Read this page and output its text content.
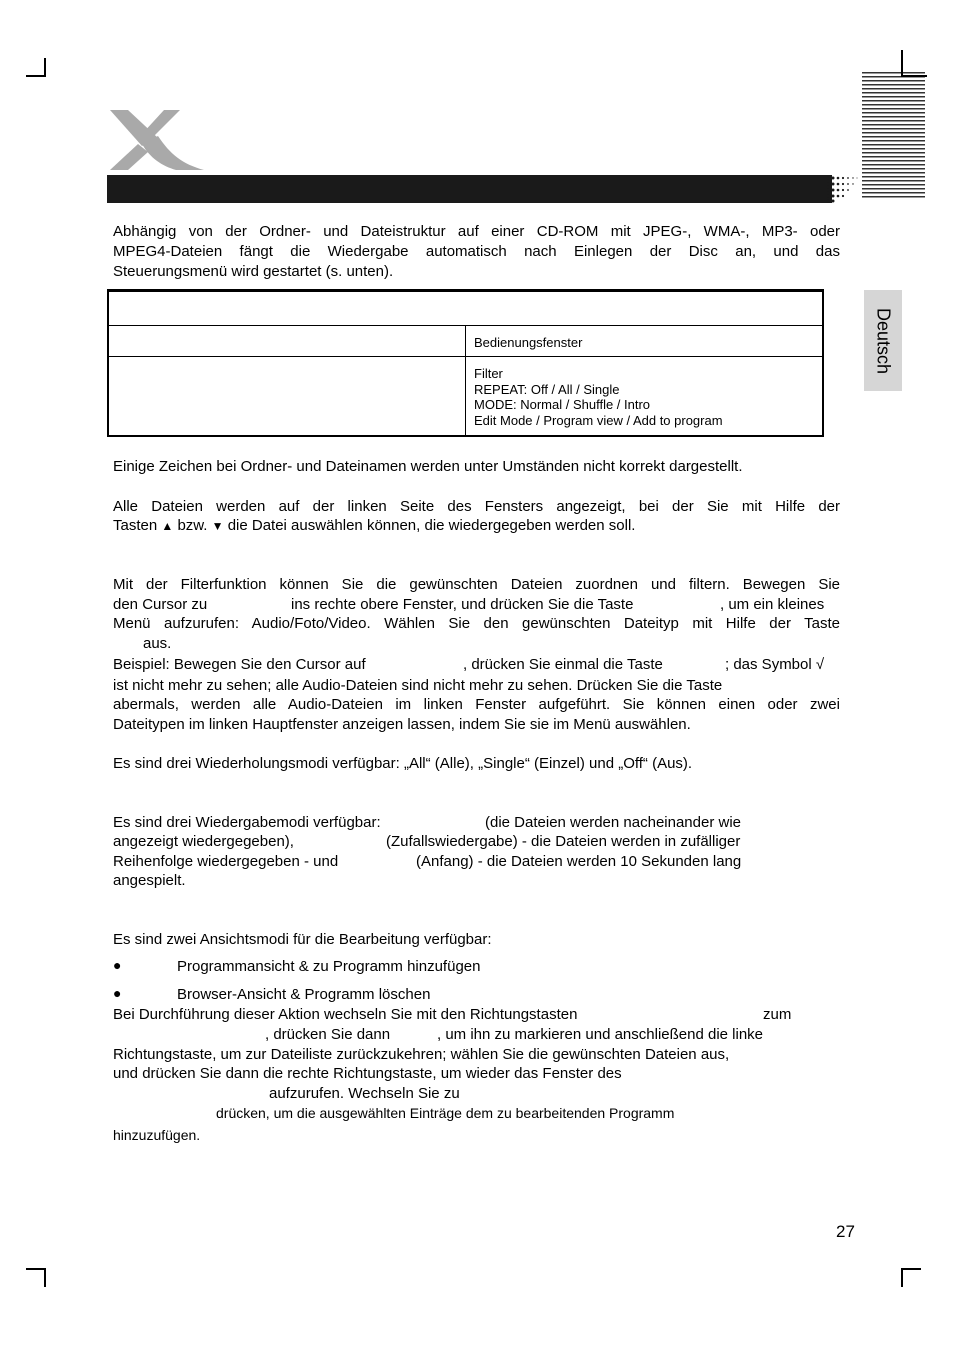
Deutsch

Abhängig von der Ordner- und Dateistruktur auf einer CD-ROM mit JPEG-, WMA-, MP3- oder

MPEG4-Dateien fängt die Wiedergabe automatisch nach Einlegen der Disc an, und das

Steuerungsmenü wird gestartet (s. unten).

Bedienungsfenster
Filter
REPEAT: Off / All / Single
MODE: Normal / Shuffle / Intro
Edit Mode / Program view / Add to program

Einige Zeichen bei Ordner- und Dateinamen werden unter Umständen nicht korrekt dargestellt.

Alle Dateien werden auf der linken Seite des Fensters angezeigt, bei der Sie mit Hilfe der

Tasten ▲ bzw. ▼ die Datei auswählen können, die wiedergegeben werden soll.

Mit der Filterfunktion können Sie die gewünschten Dateien zuordnen und filtern. Bewegen Sie

den Cursor zu	ins rechte obere Fenster, und drücken Sie die Taste	, um ein kleines

Menü aufzurufen: Audio/Foto/Video. Wählen Sie den gewünschten Dateityp mit Hilfe der Taste

aus.
Beispiel: Bewegen Sie den Cursor auf	, drücken Sie einmal die Taste	; das Symbol √

ist nicht mehr zu sehen; alle Audio-Dateien sind nicht mehr zu sehen. Drücken Sie die Taste

abermals, werden alle Audio-Dateien im linken Fenster aufgeführt. Sie können einen oder zwei

Dateitypen im linken Hauptfenster anzeigen lassen, indem Sie sie im Menü auswählen.

Es sind drei Wiederholungsmodi verfügbar: „All“ (Alle), „Single“ (Einzel) und „Off“ (Aus).

Es sind drei Wiedergabemodi verfügbar:	(die Dateien werden nacheinander wie
angezeigt wiedergegeben),	(Zufallswiedergabe) - die Dateien werden in zufälliger
Reihenfolge wiedergegeben - und	(Anfang) - die Dateien werden 10 Sekunden lang
angespielt.

Es sind zwei Ansichtsmodi für die Bearbeitung verfügbar:

●	Programmansicht & zu Programm hinzufügen
●	Browser-Ansicht & Programm löschen
Bei Durchführung dieser Aktion wechseln Sie mit den Richtungstasten	zum
, drücken Sie dann	, um ihn zu markieren und anschließend die linke
Richtungstaste, um zur Dateiliste zurückzukehren; wählen Sie die gewünschten Dateien aus,
und drücken Sie dann die rechte Richtungstaste, um wieder das Fenster des
aufzurufen. Wechseln Sie zu
drücken, um die ausgewählten Einträge dem zu bearbeitenden Programm
hinzuzufügen.
27
